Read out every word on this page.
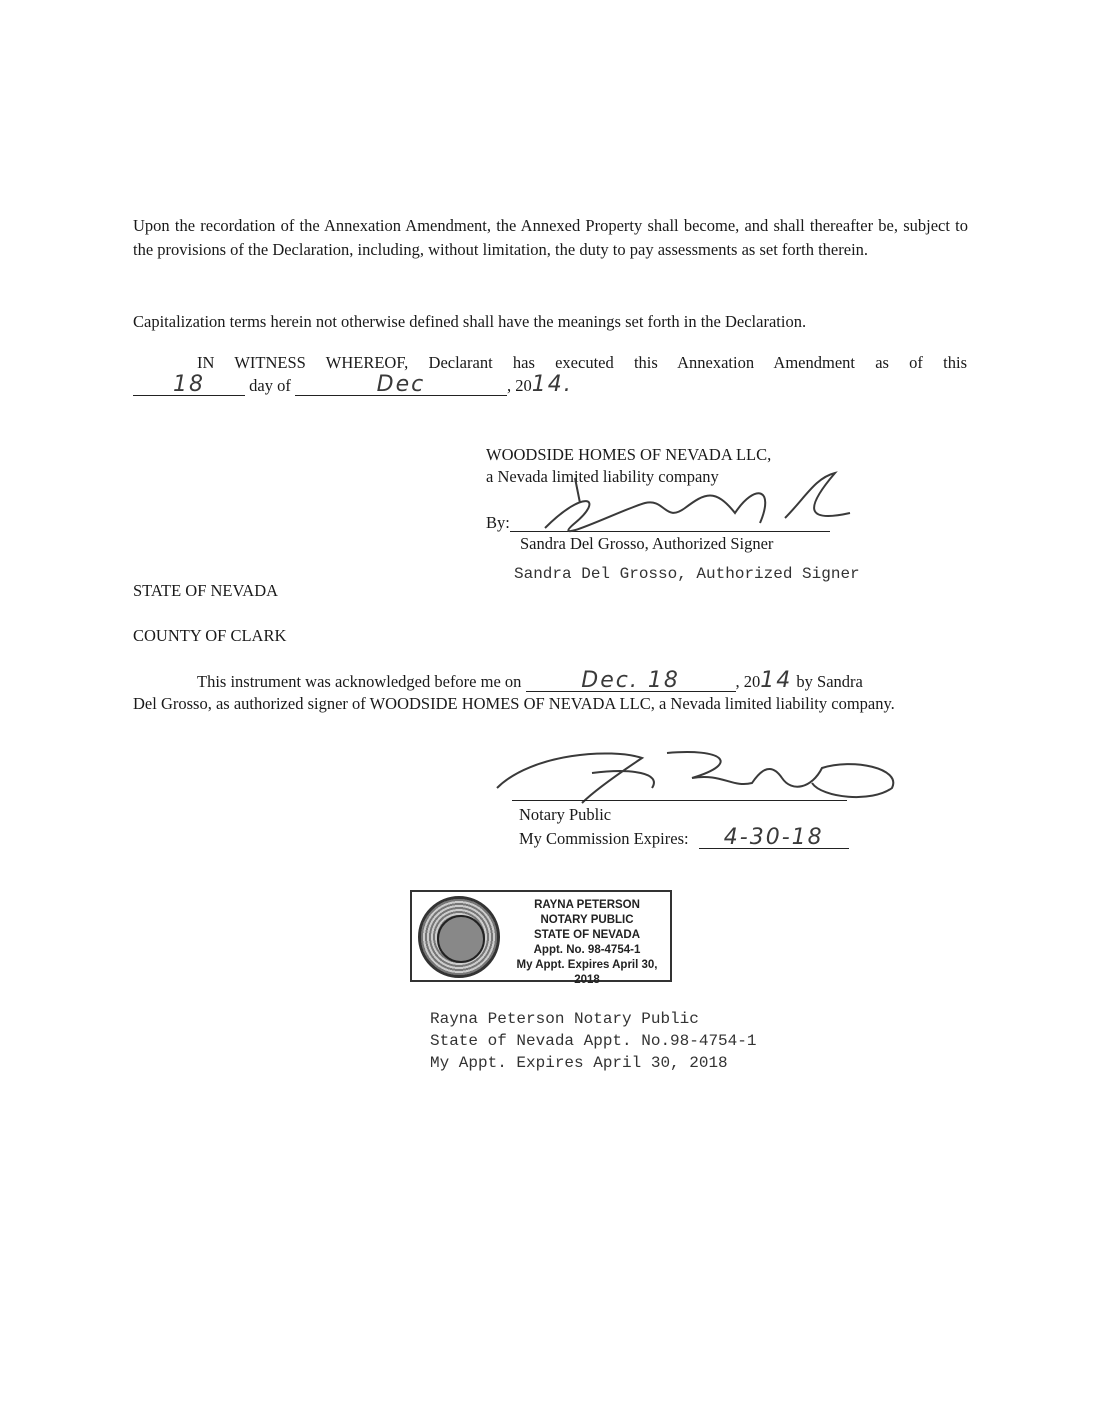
Upon the recordation of the Annexation Amendment, the Annexed Property shall become, and shall thereafter be, subject to the provisions of the Declaration, including, without limitation, the duty to pay assessments as set forth therein.

Capitalization terms herein not otherwise defined shall have the meanings set forth in the Declaration.

IN WITNESS WHEREOF, Declarant has executed this Annexation Amendment as of this
18	day of	Dec	, 2014.
WOODSIDE HOMES OF NEVADA LLC,
a Nevada limited liability company
By:
Sandra Del Grosso, Authorized Signer
Sandra Del Grosso, Authorized Signer
STATE OF NEVADA
COUNTY OF CLARK
This instrument was acknowledged before me on	Dec. 18	, 2014 by Sandra

Del Grosso, as authorized signer of WOODSIDE HOMES OF NEVADA LLC, a Nevada limited liability company.

Notary Public
My Commission Expires: 4-30-18
RAYNA PETERSON
NOTARY PUBLIC
STATE OF NEVADA
Appt. No. 98-4754-1
My Appt. Expires April 30, 2018
Rayna Peterson Notary Public
State of Nevada Appt. No.98-4754-1
My Appt. Expires April 30, 2018
